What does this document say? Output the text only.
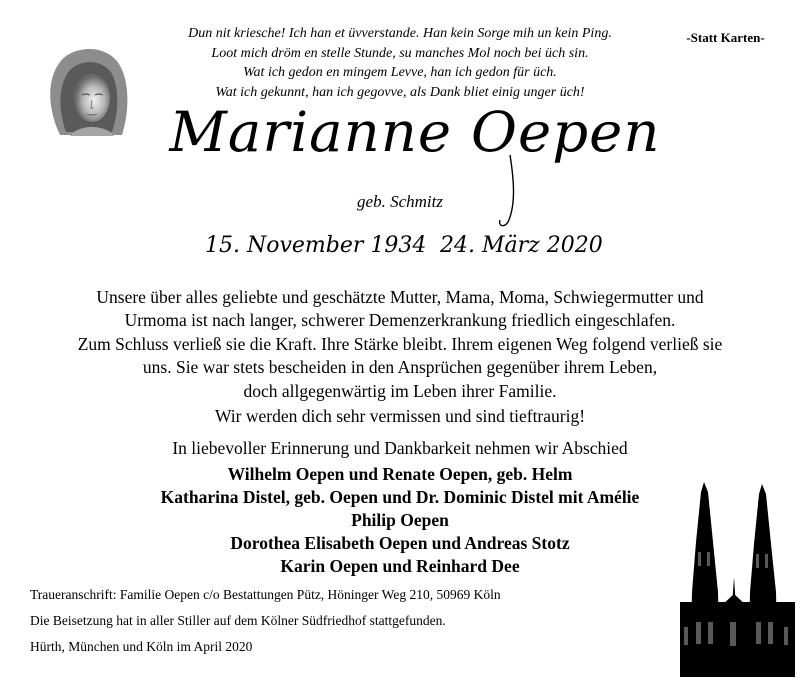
Dun nit kriesche! Ich han et üvverstande. Han kein Sorge mih un kein Ping.
Loot mich dröm en stelle Stunde, su manches Mol noch bei üch sin.
Wat ich gedon en mingem Levve, han ich gedon für üch.
Wat ich gekunnt, han ich gegovve, als Dank bliet einig unger üch!
-Statt Karten-
Marianne Oepen
geb. Schmitz
15. November 1934 24. März 2020
Unsere über alles geliebte und geschätzte Mutter, Mama, Moma, Schwiegermutter und
Urmoma ist nach langer, schwerer Demenzerkrankung friedlich eingeschlafen.
Zum Schluss verließ sie die Kraft. Ihre Stärke bleibt. Ihrem eigenen Weg folgend verließ sie
uns. Sie war stets bescheiden in den Ansprüchen gegenüber ihrem Leben,
doch allgegenwärtig im Leben ihrer Familie.
Wir werden dich sehr vermissen und sind tieftraurig!
In liebevoller Erinnerung und Dankbarkeit nehmen wir Abschied
Wilhelm Oepen und Renate Oepen, geb. Helm
Katharina Distel, geb. Oepen und Dr. Dominic Distel mit Amélie
Philip Oepen
Dorothea Elisabeth Oepen und Andreas Stotz
Karin Oepen und Reinhard Dee
Traueranschrift: Familie Oepen c/o Bestattungen Pütz, Höninger Weg 210, 50969 Köln
Die Beisetzung hat in aller Stiller auf dem Kölner Südfriedhof stattgefunden.
Hürth, München und Köln im April 2020
